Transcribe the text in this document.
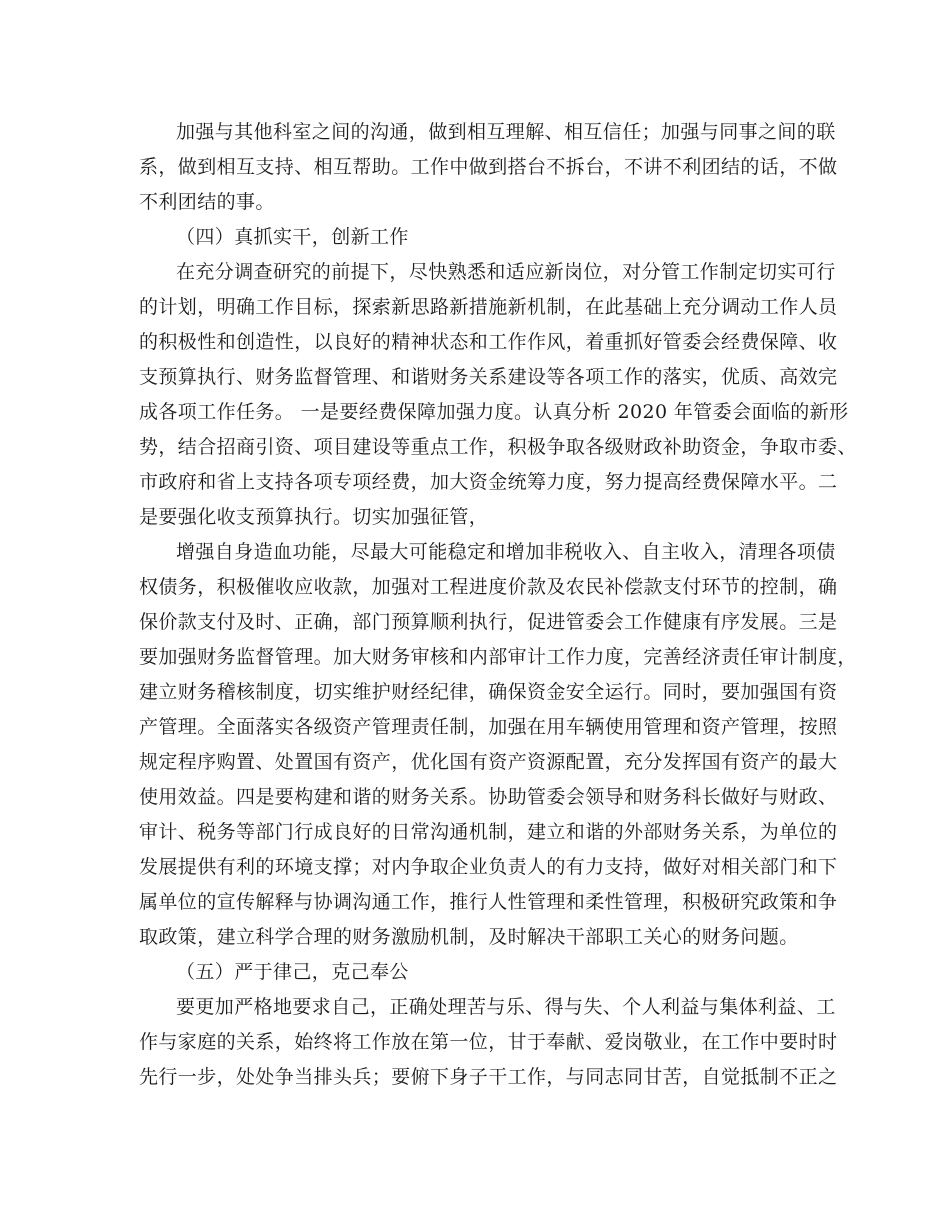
加强与其他科室之间的沟通，做到相互理解、相互信任；加强与同事之间的联
系，做到相互支持、相互帮助。工作中做到搭台不拆台，不讲不利团结的话，不做
不利团结的事。
（四）真抓实干，创新工作
在充分调查研究的前提下，尽快熟悉和适应新岗位，对分管工作制定切实可行
的计划，明确工作目标，探索新思路新措施新机制，在此基础上充分调动工作人员
的积极性和创造性，以良好的精神状态和工作作风，着重抓好管委会经费保障、收
支预算执行、财务监督管理、和谐财务关系建设等各项工作的落实，优质、高效完
成各项工作任务。 一是要经费保障加强力度。认真分析 2020 年管委会面临的新形
势，结合招商引资、项目建设等重点工作，积极争取各级财政补助资金，争取市委、
市政府和省上支持各项专项经费，加大资金统筹力度，努力提高经费保障水平。二
是要强化收支预算执行。切实加强征管，
增强自身造血功能，尽最大可能稳定和增加非税收入、自主收入，清理各项债
权债务，积极催收应收款，加强对工程进度价款及农民补偿款支付环节的控制，确
保价款支付及时、正确，部门预算顺利执行，促进管委会工作健康有序发展。三是
要加强财务监督管理。加大财务审核和内部审计工作力度，完善经济责任审计制度，
建立财务稽核制度，切实维护财经纪律，确保资金安全运行。同时，要加强国有资
产管理。全面落实各级资产管理责任制，加强在用车辆使用管理和资产管理，按照
规定程序购置、处置国有资产，优化国有资产资源配置，充分发挥国有资产的最大
使用效益。四是要构建和谐的财务关系。协助管委会领导和财务科长做好与财政、
审计、税务等部门行成良好的日常沟通机制，建立和谐的外部财务关系，为单位的
发展提供有利的环境支撑；对内争取企业负责人的有力支持，做好对相关部门和下
属单位的宣传解释与协调沟通工作，推行人性管理和柔性管理，积极研究政策和争
取政策，建立科学合理的财务激励机制，及时解决干部职工关心的财务问题。
（五）严于律己，克己奉公
要更加严格地要求自己，正确处理苦与乐、得与失、个人利益与集体利益、工
作与家庭的关系，始终将工作放在第一位，甘于奉献、爱岗敬业，在工作中要时时
先行一步，处处争当排头兵；要俯下身子干工作，与同志同甘苦，自觉抵制不正之
